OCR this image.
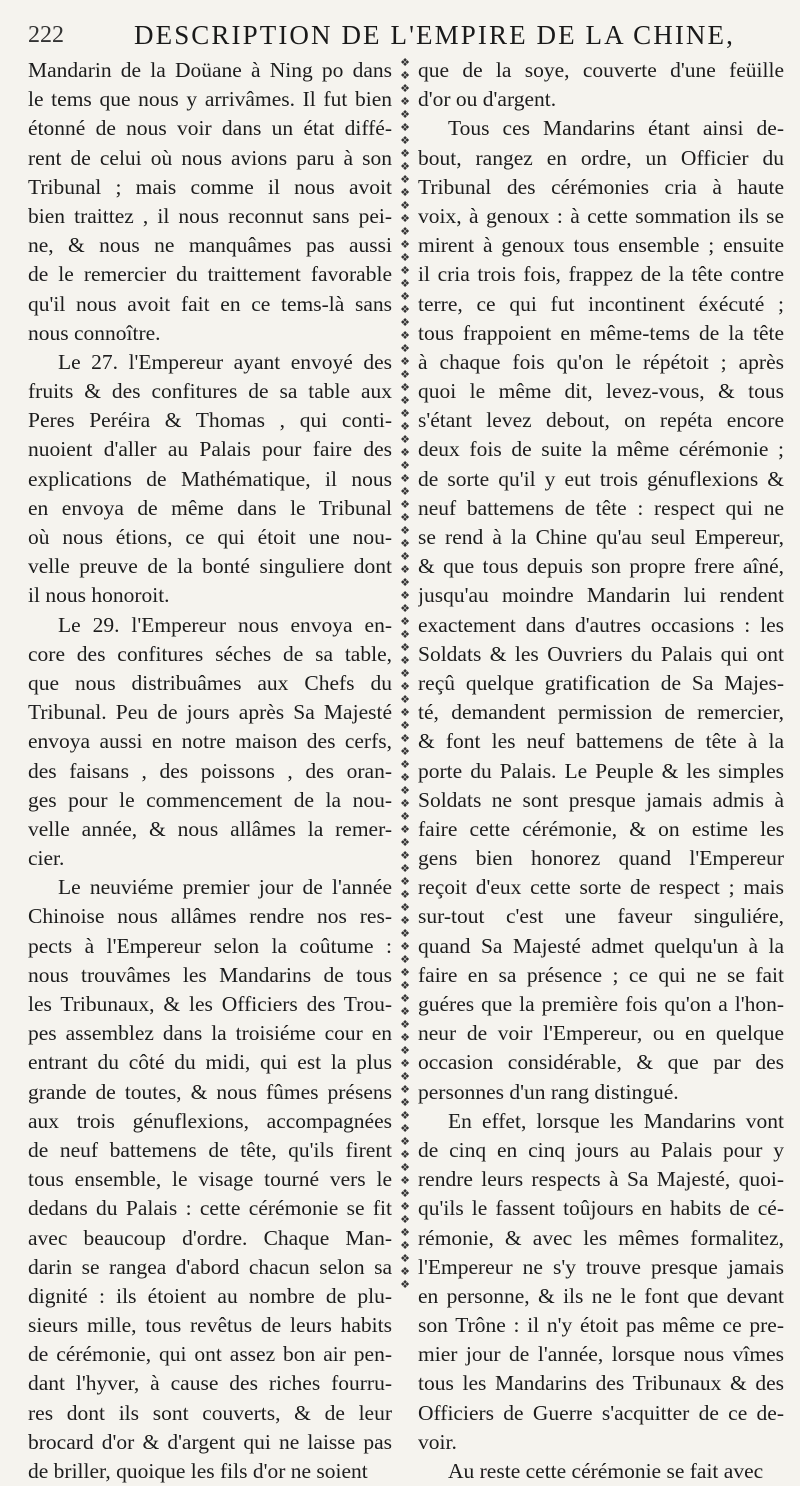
222	DESCRIPTION DE L'EMPIRE DE LA CHINE,
Mandarin de la Doüane à Ning po dans
le tems que nous y arrivâmes. Il fut bien
étonné de nous voir dans un état diffé-
rent de celui où nous avions paru à son
Tribunal ; mais comme il nous avoit
bien traittez , il nous reconnut sans pei-
ne, & nous ne manquâmes pas aussi
de le remercier du traittement favorable
qu'il nous avoit fait en ce tems-là sans
nous connoître.
Le 27. l'Empereur ayant envoyé des
fruits & des confitures de sa table aux
Peres Peréira & Thomas , qui conti-
nuoient d'aller au Palais pour faire des
explications de Mathématique, il nous
en envoya de même dans le Tribunal
où nous étions, ce qui étoit une nou-
velle preuve de la bonté singuliere dont
il nous honoroit.
Le 29. l'Empereur nous envoya en-
core des confitures séches de sa table,
que nous distribuâmes aux Chefs du
Tribunal. Peu de jours après Sa Majesté
envoya aussi en notre maison des cerfs,
des faisans , des poissons , des oran-
ges pour le commencement de la nou-
velle année, & nous allâmes la remer-
cier.
Le neuviéme premier jour de l'année
Chinoise nous allâmes rendre nos res-
pects à l'Empereur selon la coûtume :
nous trouvâmes les Mandarins de tous
les Tribunaux, & les Officiers des Trou-
pes assemblez dans la troisiéme cour en
entrant du côté du midi, qui est la plus
grande de toutes, & nous fûmes présens
aux trois génuflexions, accompagnées
de neuf battemens de tête, qu'ils firent
tous ensemble, le visage tourné vers le
dedans du Palais : cette cérémonie se fit
avec beaucoup d'ordre. Chaque Man-
darin se rangea d'abord chacun selon sa
dignité : ils étoient au nombre de plu-
sieurs mille, tous revêtus de leurs habits
de cérémonie, qui ont assez bon air pen-
dant l'hyver, à cause des riches fourru-
res dont ils sont couverts, & de leur
brocard d'or & d'argent qui ne laisse pas
de briller, quoique les fils d'or ne soient
❖
❖
❖
❖
❖
❖
❖
❖
❖
❖
❖
❖
❖
❖
❖
❖
❖
❖
❖
❖
❖
❖
❖
❖
❖
❖
❖
❖
❖
❖
❖
❖
❖
❖
❖
❖
❖
❖
❖
❖
❖
❖
❖
❖
❖
❖
❖
❖
❖
❖
❖
❖
❖
❖
❖
❖
❖
❖
❖
❖
❖
❖
❖
❖
❖
❖
❖
❖
❖
❖
❖
❖
❖
❖
❖
❖
❖
❖
❖
❖
❖
❖
❖
❖
❖
❖
❖
❖
❖
❖
❖
❖
❖
❖
❖
que de la soye, couverte d'une feüille
d'or ou d'argent.
Tous ces Mandarins étant ainsi de-
bout, rangez en ordre, un Officier du
Tribunal des cérémonies cria à haute
voix, à genoux : à cette sommation ils se
mirent à genoux tous ensemble ; ensuite
il cria trois fois, frappez de la tête contre
terre, ce qui fut incontinent éxécuté ;
tous frappoient en même-tems de la tête
à chaque fois qu'on le répétoit ; après
quoi le même dit, levez-vous, & tous
s'étant levez debout, on repéta encore
deux fois de suite la même cérémonie ;
de sorte qu'il y eut trois génuflexions &
neuf battemens de tête : respect qui ne
se rend à la Chine qu'au seul Empereur,
& que tous depuis son propre frere aîné,
jusqu'au moindre Mandarin lui rendent
exactement dans d'autres occasions : les
Soldats & les Ouvriers du Palais qui ont
reçû quelque gratification de Sa Majes-
té, demandent permission de remercier,
& font les neuf battemens de tête à la
porte du Palais. Le Peuple & les simples
Soldats ne sont presque jamais admis à
faire cette cérémonie, & on estime les
gens bien honorez quand l'Empereur
reçoit d'eux cette sorte de respect ; mais
sur-tout c'est une faveur singuliére,
quand Sa Majesté admet quelqu'un à la
faire en sa présence ; ce qui ne se fait
guéres que la première fois qu'on a l'hon-
neur de voir l'Empereur, ou en quelque
occasion considérable, & que par des
personnes d'un rang distingué.
En effet, lorsque les Mandarins vont
de cinq en cinq jours au Palais pour y
rendre leurs respects à Sa Majesté, quoi-
qu'ils le fassent toûjours en habits de cé-
rémonie, & avec les mêmes formalitez,
l'Empereur ne s'y trouve presque jamais
en personne, & ils ne le font que devant
son Trône : il n'y étoit pas même ce pre-
mier jour de l'année, lorsque nous vîmes
tous les Mandarins des Tribunaux & des
Officiers de Guerre s'acquitter de ce de-
voir.
Au reste cette cérémonie se fait avec
